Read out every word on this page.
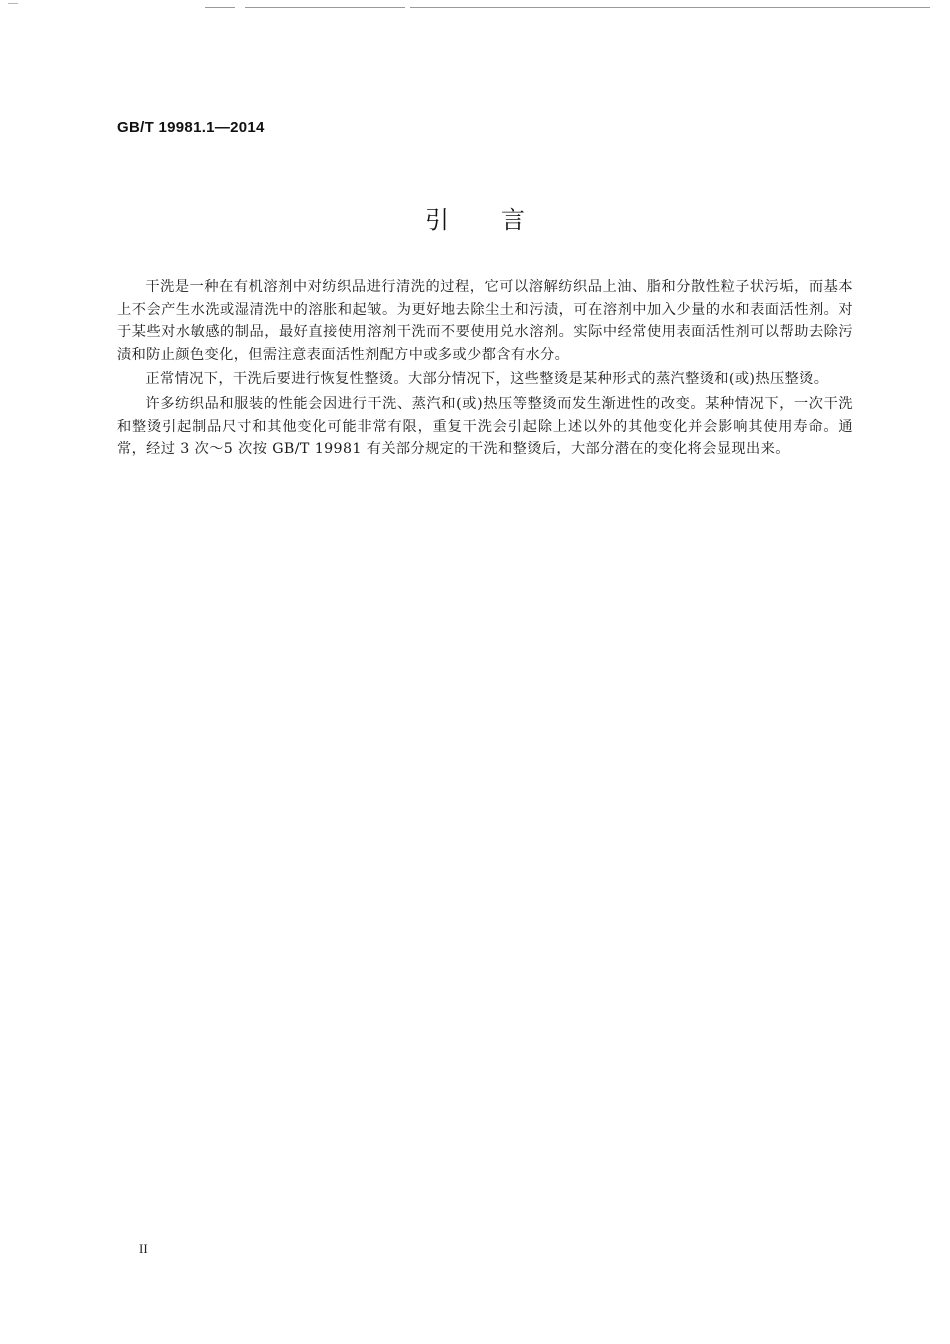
GB/T 19981.1—2014
引言

干洗是一种在有机溶剂中对纺织品进行清洗的过程，它可以溶解纺织品上油、脂和分散性粒子状污垢，而基本上不会产生水洗或湿清洗中的溶胀和起皱。为更好地去除尘土和污渍，可在溶剂中加入少量的水和表面活性剂。对于某些对水敏感的制品，最好直接使用溶剂干洗而不要使用兑水溶剂。实际中经常使用表面活性剂可以帮助去除污渍和防止颜色变化，但需注意表面活性剂配方中或多或少都含有水分。

正常情况下，干洗后要进行恢复性整烫。大部分情况下，这些整烫是某种形式的蒸汽整烫和(或)热压整烫。

许多纺织品和服装的性能会因进行干洗、蒸汽和(或)热压等整烫而发生渐进性的改变。某种情况下，一次干洗和整烫引起制品尺寸和其他变化可能非常有限，重复干洗会引起除上述以外的其他变化并会影响其使用寿命。通常，经过 3 次～5 次按 GB/T 19981 有关部分规定的干洗和整烫后，大部分潜在的变化将会显现出来。

II
